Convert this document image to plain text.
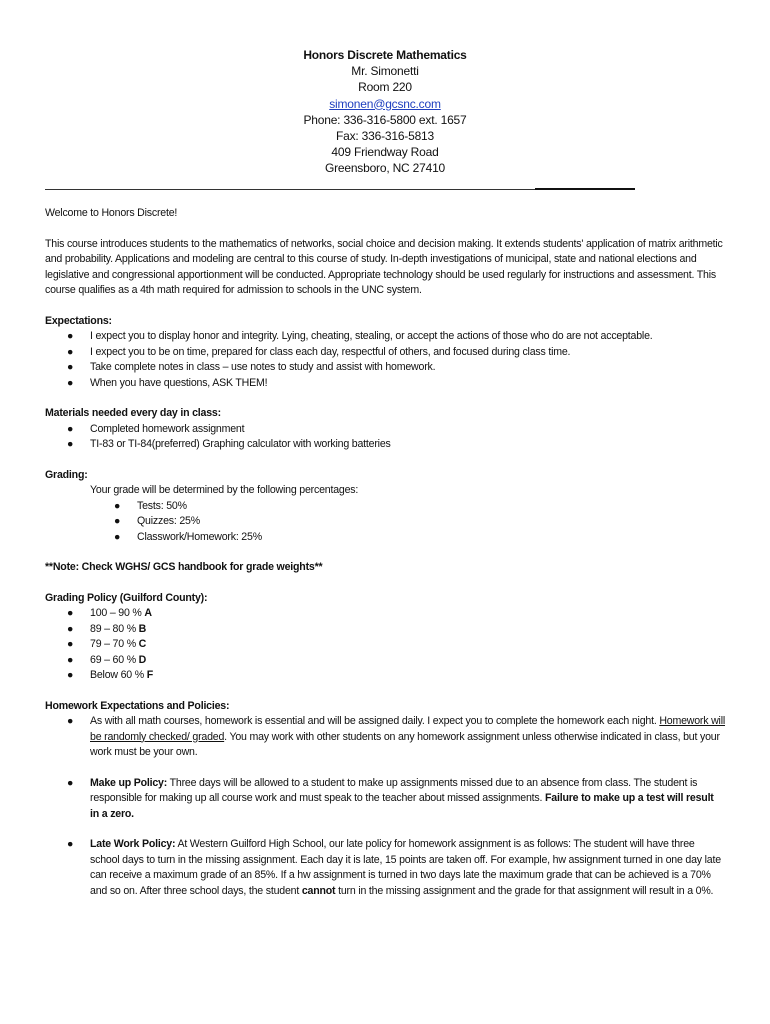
Honors Discrete Mathematics
Mr. Simonetti
Room 220
simonen@gcsnc.com
Phone: 336-316-5800 ext. 1657
Fax: 336-316-5813
409 Friendway Road
Greensboro, NC 27410

Welcome to Honors Discrete!

This course introduces students to the mathematics of networks, social choice and decision making. It extends students' application of matrix arithmetic and probability. Applications and modeling are central to this course of study. In-depth investigations of municipal, state and national elections and legislative and congressional apportionment will be conducted. Appropriate technology should be used regularly for instructions and assessment. This course qualifies as a 4th math required for admission to schools in the UNC system.

Expectations:

● I expect you to display honor and integrity. Lying, cheating, stealing, or accept the actions of those who do are not acceptable.
● I expect you to be on time, prepared for class each day, respectful of others, and focused during class time.
● Take complete notes in class – use notes to study and assist with homework.
● When you have questions, ASK THEM!

Materials needed every day in class:

● Completed homework assignment
● TI-83 or TI-84(preferred) Graphing calculator with working batteries

Grading:

Your grade will be determined by the following percentages:

● Tests: 50%
● Quizzes: 25%
● Classwork/Homework: 25%

**Note: Check WGHS/ GCS handbook for grade weights**

Grading Policy (Guilford County):

● 100 – 90 % A
● 89 – 80 % B
● 79 – 70 % C
● 69 – 60 % D
● Below 60 % F

Homework Expectations and Policies:

● As with all math courses, homework is essential and will be assigned daily. I expect you to complete the homework each night. Homework will be randomly checked/ graded. You may work with other students on any homework assignment unless otherwise indicated in class, but your work must be your own.
● Make up Policy: Three days will be allowed to a student to make up assignments missed due to an absence from class. The student is responsible for making up all course work and must speak to the teacher about missed assignments. Failure to make up a test will result in a zero.
● Late Work Policy: At Western Guilford High School, our late policy for homework assignment is as follows: The student will have three school days to turn in the missing assignment. Each day it is late, 15 points are taken off. For example, hw assignment turned in one day late can receive a maximum grade of an 85%. If a hw assignment is turned in two days late the maximum grade that can be achieved is a 70% and so on. After three school days, the student cannot turn in the missing assignment and the grade for that assignment will result in a 0%.
